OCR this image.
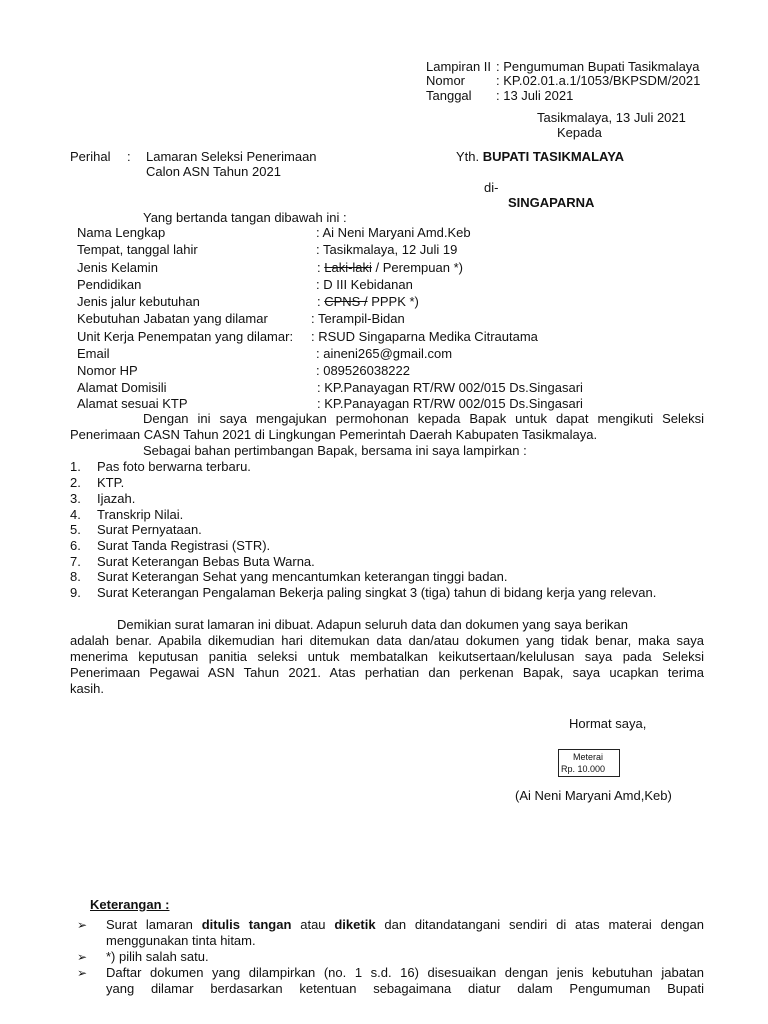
Lampiran II : Pengumuman Bupati Tasikmalaya
Nomor : KP.02.01.a.1/1053/BKPSDM/2021
Tanggal : 13 Juli 2021
Tasikmalaya, 13 Juli 2021
Kepada
Perihal : Lamaran Seleksi Penerimaan
Calon ASN Tahun 2021
Yth. BUPATI TASIKMALAYA
di-
SINGAPARNA
Yang bertanda tangan dibawah ini :
Nama Lengkap	: Ai Neni Maryani Amd.Keb
Tempat, tanggal lahir	: Tasikmalaya, 12 Juli 19
Jenis Kelamin	: Laki-laki / Perempuan *)
Pendidikan	: D III Kebidanan
Jenis jalur kebutuhan	: CPNS / PPPK *)
Kebutuhan Jabatan yang dilamar	: Terampil-Bidan
Unit Kerja Penempatan yang dilamar: : RSUD Singaparna Medika Citrautama
Email	: aineni265@gmail.com
Nomor HP	: 089526038222
Alamat Domisili	: KP.Panayagan RT/RW 002/015 Ds.Singasari
Alamat sesuai KTP	: KP.Panayagan RT/RW 002/015 Ds.Singasari
Dengan ini saya mengajukan permohonan kepada Bapak untuk dapat mengikuti Seleksi
Penerimaan CASN Tahun 2021 di Lingkungan Pemerintah Daerah Kabupaten Tasikmalaya.
Sebagai bahan pertimbangan Bapak, bersama ini saya lampirkan :
1. Pas foto berwarna terbaru.
2. KTP.
3. Ijazah.
4. Transkrip Nilai.
5. Surat Pernyataan.
6. Surat Tanda Registrasi (STR).
7. Surat Keterangan Bebas Buta Warna.
8. Surat Keterangan Sehat yang mencantumkan keterangan tinggi badan.
9. Surat Keterangan Pengalaman Bekerja paling singkat 3 (tiga) tahun di bidang kerja yang relevan.
Demikian surat lamaran ini dibuat. Adapun seluruh data dan dokumen yang saya berikan
adalah benar. Apabila dikemudian hari ditemukan data dan/atau dokumen yang tidak benar, maka saya
menerima keputusan panitia seleksi untuk membatalkan keikutsertaan/kelulusan saya pada Seleksi
Penerimaan Pegawai ASN Tahun 2021. Atas perhatian dan perkenan Bapak, saya ucapkan terima
kasih.
Hormat saya,
Meterai
Rp. 10.000
(Ai Neni Maryani Amd,Keb)
Keterangan :
➢ Surat lamaran ditulis tangan atau diketik dan ditandatangani sendiri di atas materai dengan
menggunakan tinta hitam.
➢ *) pilih salah satu.
➢ Daftar dokumen yang dilampirkan (no. 1 s.d. 16) disesuaikan dengan jenis kebutuhan jabatan
yang dilamar berdasarkan ketentuan sebagaimana diatur dalam Pengumuman Bupati
